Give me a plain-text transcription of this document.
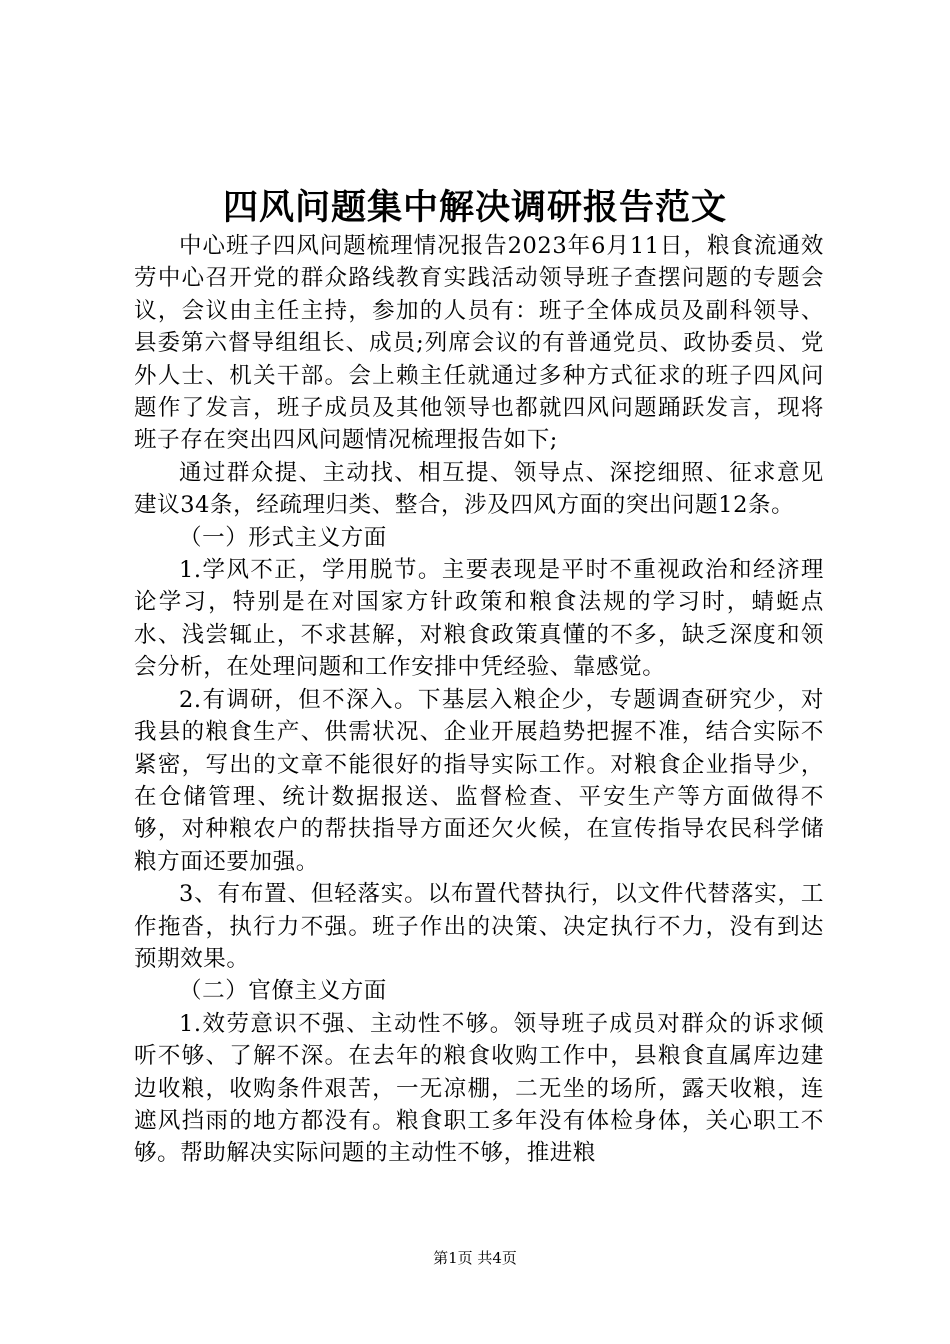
四风问题集中解决调研报告范文

中心班子四风问题梳理情况报告2023年6月11日，粮食流通效劳中心召开党的群众路线教育实践活动领导班子查摆问题的专题会议，会议由主任主持，参加的人员有：班子全体成员及副科领导、县委第六督导组组长、成员;列席会议的有普通党员、政协委员、党外人士、机关干部。会上赖主任就通过多种方式征求的班子四风问题作了发言，班子成员及其他领导也都就四风问题踊跃发言，现将班子存在突出四风问题情况梳理报告如下;

通过群众提、主动找、相互提、领导点、深挖细照、征求意见建议34条，经疏理归类、整合，涉及四风方面的突出问题12条。

（一）形式主义方面

1.学风不正，学用脱节。主要表现是平时不重视政治和经济理论学习，特别是在对国家方针政策和粮食法规的学习时，蜻蜓点水、浅尝辄止，不求甚解，对粮食政策真懂的不多，缺乏深度和领会分析，在处理问题和工作安排中凭经验、靠感觉。

2.有调研，但不深入。下基层入粮企少，专题调查研究少，对我县的粮食生产、供需状况、企业开展趋势把握不准，结合实际不紧密，写出的文章不能很好的指导实际工作。对粮食企业指导少，在仓储管理、统计数据报送、监督检查、平安生产等方面做得不够，对种粮农户的帮扶指导方面还欠火候，在宣传指导农民科学储粮方面还要加强。

3、有布置、但轻落实。以布置代替执行，以文件代替落实，工作拖沓，执行力不强。班子作出的决策、决定执行不力，没有到达预期效果。

（二）官僚主义方面

1.效劳意识不强、主动性不够。领导班子成员对群众的诉求倾听不够、了解不深。在去年的粮食收购工作中，县粮食直属库边建边收粮，收购条件艰苦，一无凉棚，二无坐的场所，露天收粮，连遮风挡雨的地方都没有。粮食职工多年没有体检身体，关心职工不够。帮助解决实际问题的主动性不够，推进粮

第1页 共4页
